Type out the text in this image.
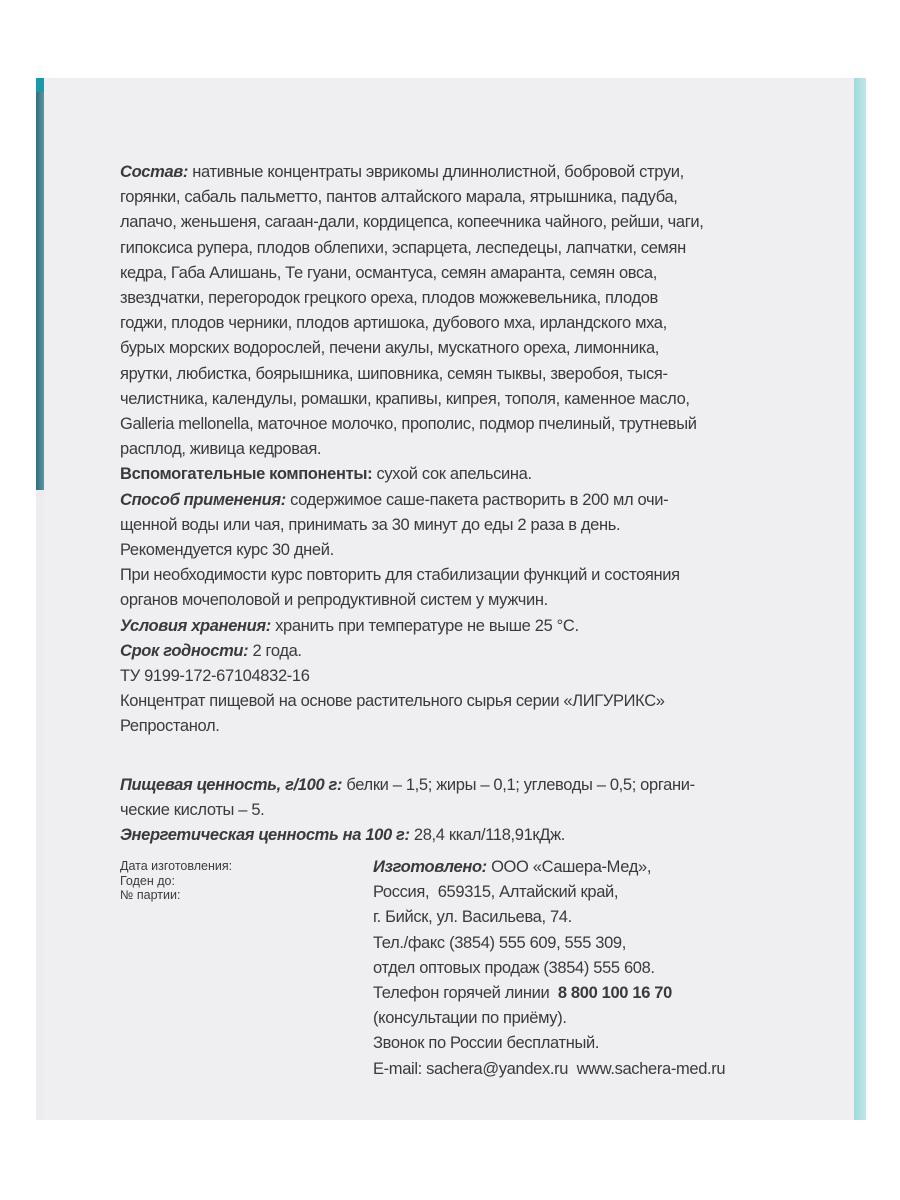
Состав: нативные концентраты эврикомы длиннолистной, бобровой струи,

горянки, сабаль пальметто, пантов алтайского марала, ятрышника, падуба,

лапачо, женьшеня, сагаан-дали, кордицепса, копеечника чайного, рейши, чаги,

гипоксиса рупера, плодов облепихи, эспарцета, леспедецы, лапчатки, семян

кедра, Габа Алишань, Те гуани, османтуса, семян амаранта, семян овса,

звездчатки, перегородок грецкого ореха, плодов можжевельника, плодов

годжи, плодов черники, плодов артишока, дубового мха, ирландского мха,

бурых морских водорослей, печени акулы, мускатного ореха, лимонника,

ярутки, любистка, боярышника, шиповника, семян тыквы, зверобоя, тыся-

челистника, календулы, ромашки, крапивы, кипрея, тополя, каменное масло,

Galleria mellonella, маточное молочко, прополис, подмор пчелиный, трутневый

расплод, живица кедровая.

Вспомогательные компоненты: сухой сок апельсина.

Способ применения: содержимое саше-пакета растворить в 200 мл очи-

щенной воды или чая, принимать за 30 минут до еды 2 раза в день.

Рекомендуется курс 30 дней.

При необходимости курс повторить для стабилизации функций и состояния

органов мочеполовой и репродуктивной систем у мужчин.

Условия хранения: хранить при температуре не выше 25 °С.

Срок годности: 2 года.

ТУ 9199-172-67104832-16

Концентрат пищевой на основе растительного сырья серии «ЛИГУРИКС»

Репростанол.

Пищевая ценность, г/100 г: белки – 1,5; жиры – 0,1; углеводы – 0,5; органи-

ческие кислоты – 5.

Энергетическая ценность на 100 г: 28,4 ккал/118,91кДж.

Дата изготовления:
Годен до:
№ партии:
Изготовлено: ООО «Сашера-Мед»,
Россия,  659315, Алтайский край,
г. Бийск, ул. Васильева, 74.
Тел./факс (3854) 555 609, 555 309,
отдел оптовых продаж (3854) 555 608.
Телефон горячей линии 8 800 100 16 70
(консультации по приёму).
Звонок по России бесплатный.
E-mail: sachera@yandex.ru www.sachera-med.ru
